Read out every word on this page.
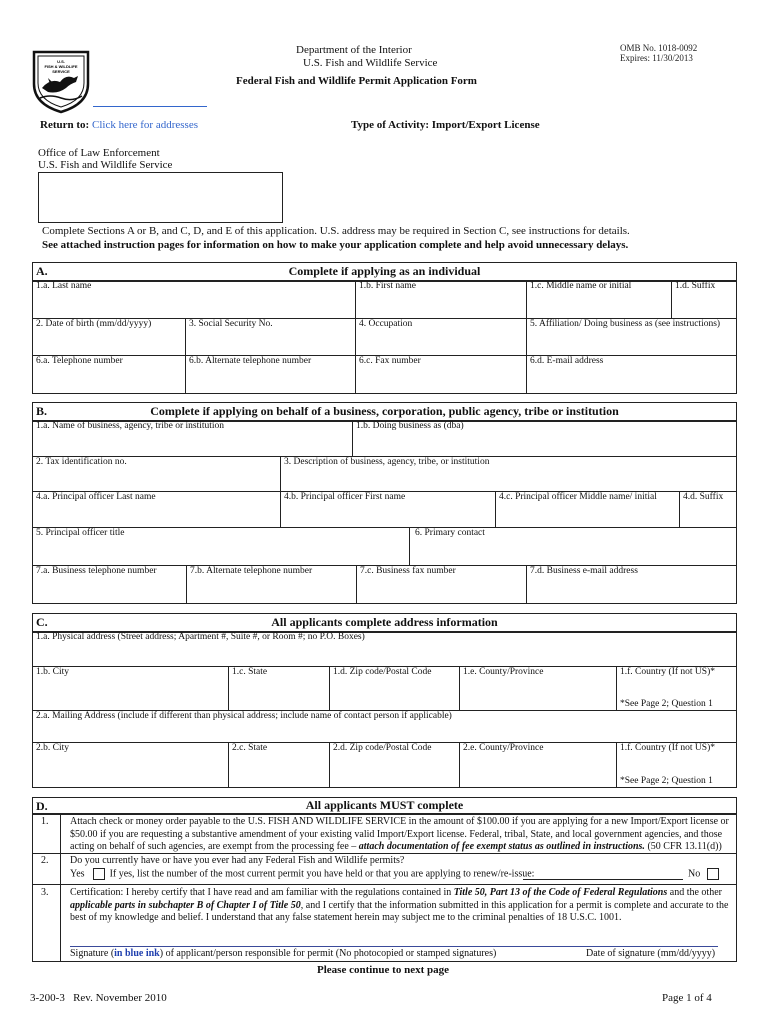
U.S.
FISH & WILDLIFE
SERVICE
Department of the Interior
U.S. Fish and Wildlife Service
Federal Fish and Wildlife Permit Application Form
OMB No. 1018-0092
Expires: 11/30/2013
Return to: Click here for addresses	Type of Activity: Import/Export License
Office of Law Enforcement
U.S. Fish and Wildlife Service
Complete Sections A or B, and C, D, and E of this application. U.S. address may be required in Section C, see instructions for details.
See attached instruction pages for information on how to make your application complete and help avoid unnecessary delays.
A.	Complete if applying as an individual
1.a. Last name	1.b. First name	1.c. Middle name or initial	1.d. Suffix
2. Date of birth (mm/dd/yyyy)	3. Social Security No.	4. Occupation	5. Affiliation/ Doing business as (see instructions)
6.a. Telephone number	6.b. Alternate telephone number	6.c. Fax number	6.d. E-mail address
B.	Complete if applying on behalf of a business, corporation, public agency, tribe or institution
1.a. Name of business, agency, tribe or institution	1.b. Doing business as (dba)
2. Tax identification no.	3. Description of business, agency, tribe, or institution
4.a. Principal officer Last name	4.b. Principal officer First name	4.c. Principal officer Middle name/ initial	4.d. Suffix
5. Principal officer title	6. Primary contact
7.a. Business telephone number	7.b. Alternate telephone number	7.c. Business fax number	7.d. Business e-mail address
C.	All applicants complete address information
1.a. Physical address (Street address; Apartment #, Suite #, or Room #; no P.O. Boxes)
1.b. City	1.c. State	1.d. Zip code/Postal Code	1.e. County/Province	1.f. Country (If not US)*
*See Page 2; Question 1
2.a. Mailing Address (include if different than physical address; include name of contact person if applicable)
2.b. City	2.c. State	2.d. Zip code/Postal Code	2.e. County/Province	1.f. Country (If not US)*
*See Page 2; Question 1
D.	All applicants MUST complete
1. Attach check or money order payable to the U.S. FISH AND WILDLIFE SERVICE in the amount of $100.00 if you are applying for a new Import/Export license or
$50.00 if you are requesting a substantive amendment of your existing valid Import/Export license. Federal, tribal, State, and local government agencies, and those
acting on behalf of such agencies, are exempt from the processing fee – attach documentation of fee exempt status as outlined in instructions. (50 CFR 13.11(d))
2. Do you currently have or have you ever had any Federal Fish and Wildlife permits?
Yes	If yes, list the number of the most current permit you have held or that you are applying to renew/re-issue:	No
3. Certification: I hereby certify that I have read and am familiar with the regulations contained in Title 50, Part 13 of the Code of Federal Regulations and the other
applicable parts in subchapter B of Chapter I of Title 50, and I certify that the information submitted in this application for a permit is complete and accurate to the
best of my knowledge and belief. I understand that any false statement herein may subject me to the criminal penalties of 18 U.S.C. 1001.
Signature (in blue ink) of applicant/person responsible for permit (No photocopied or stamped signatures)	Date of signature (mm/dd/yyyy)
Please continue to next page
3-200-3   Rev. November 2010	Page 1 of 4
